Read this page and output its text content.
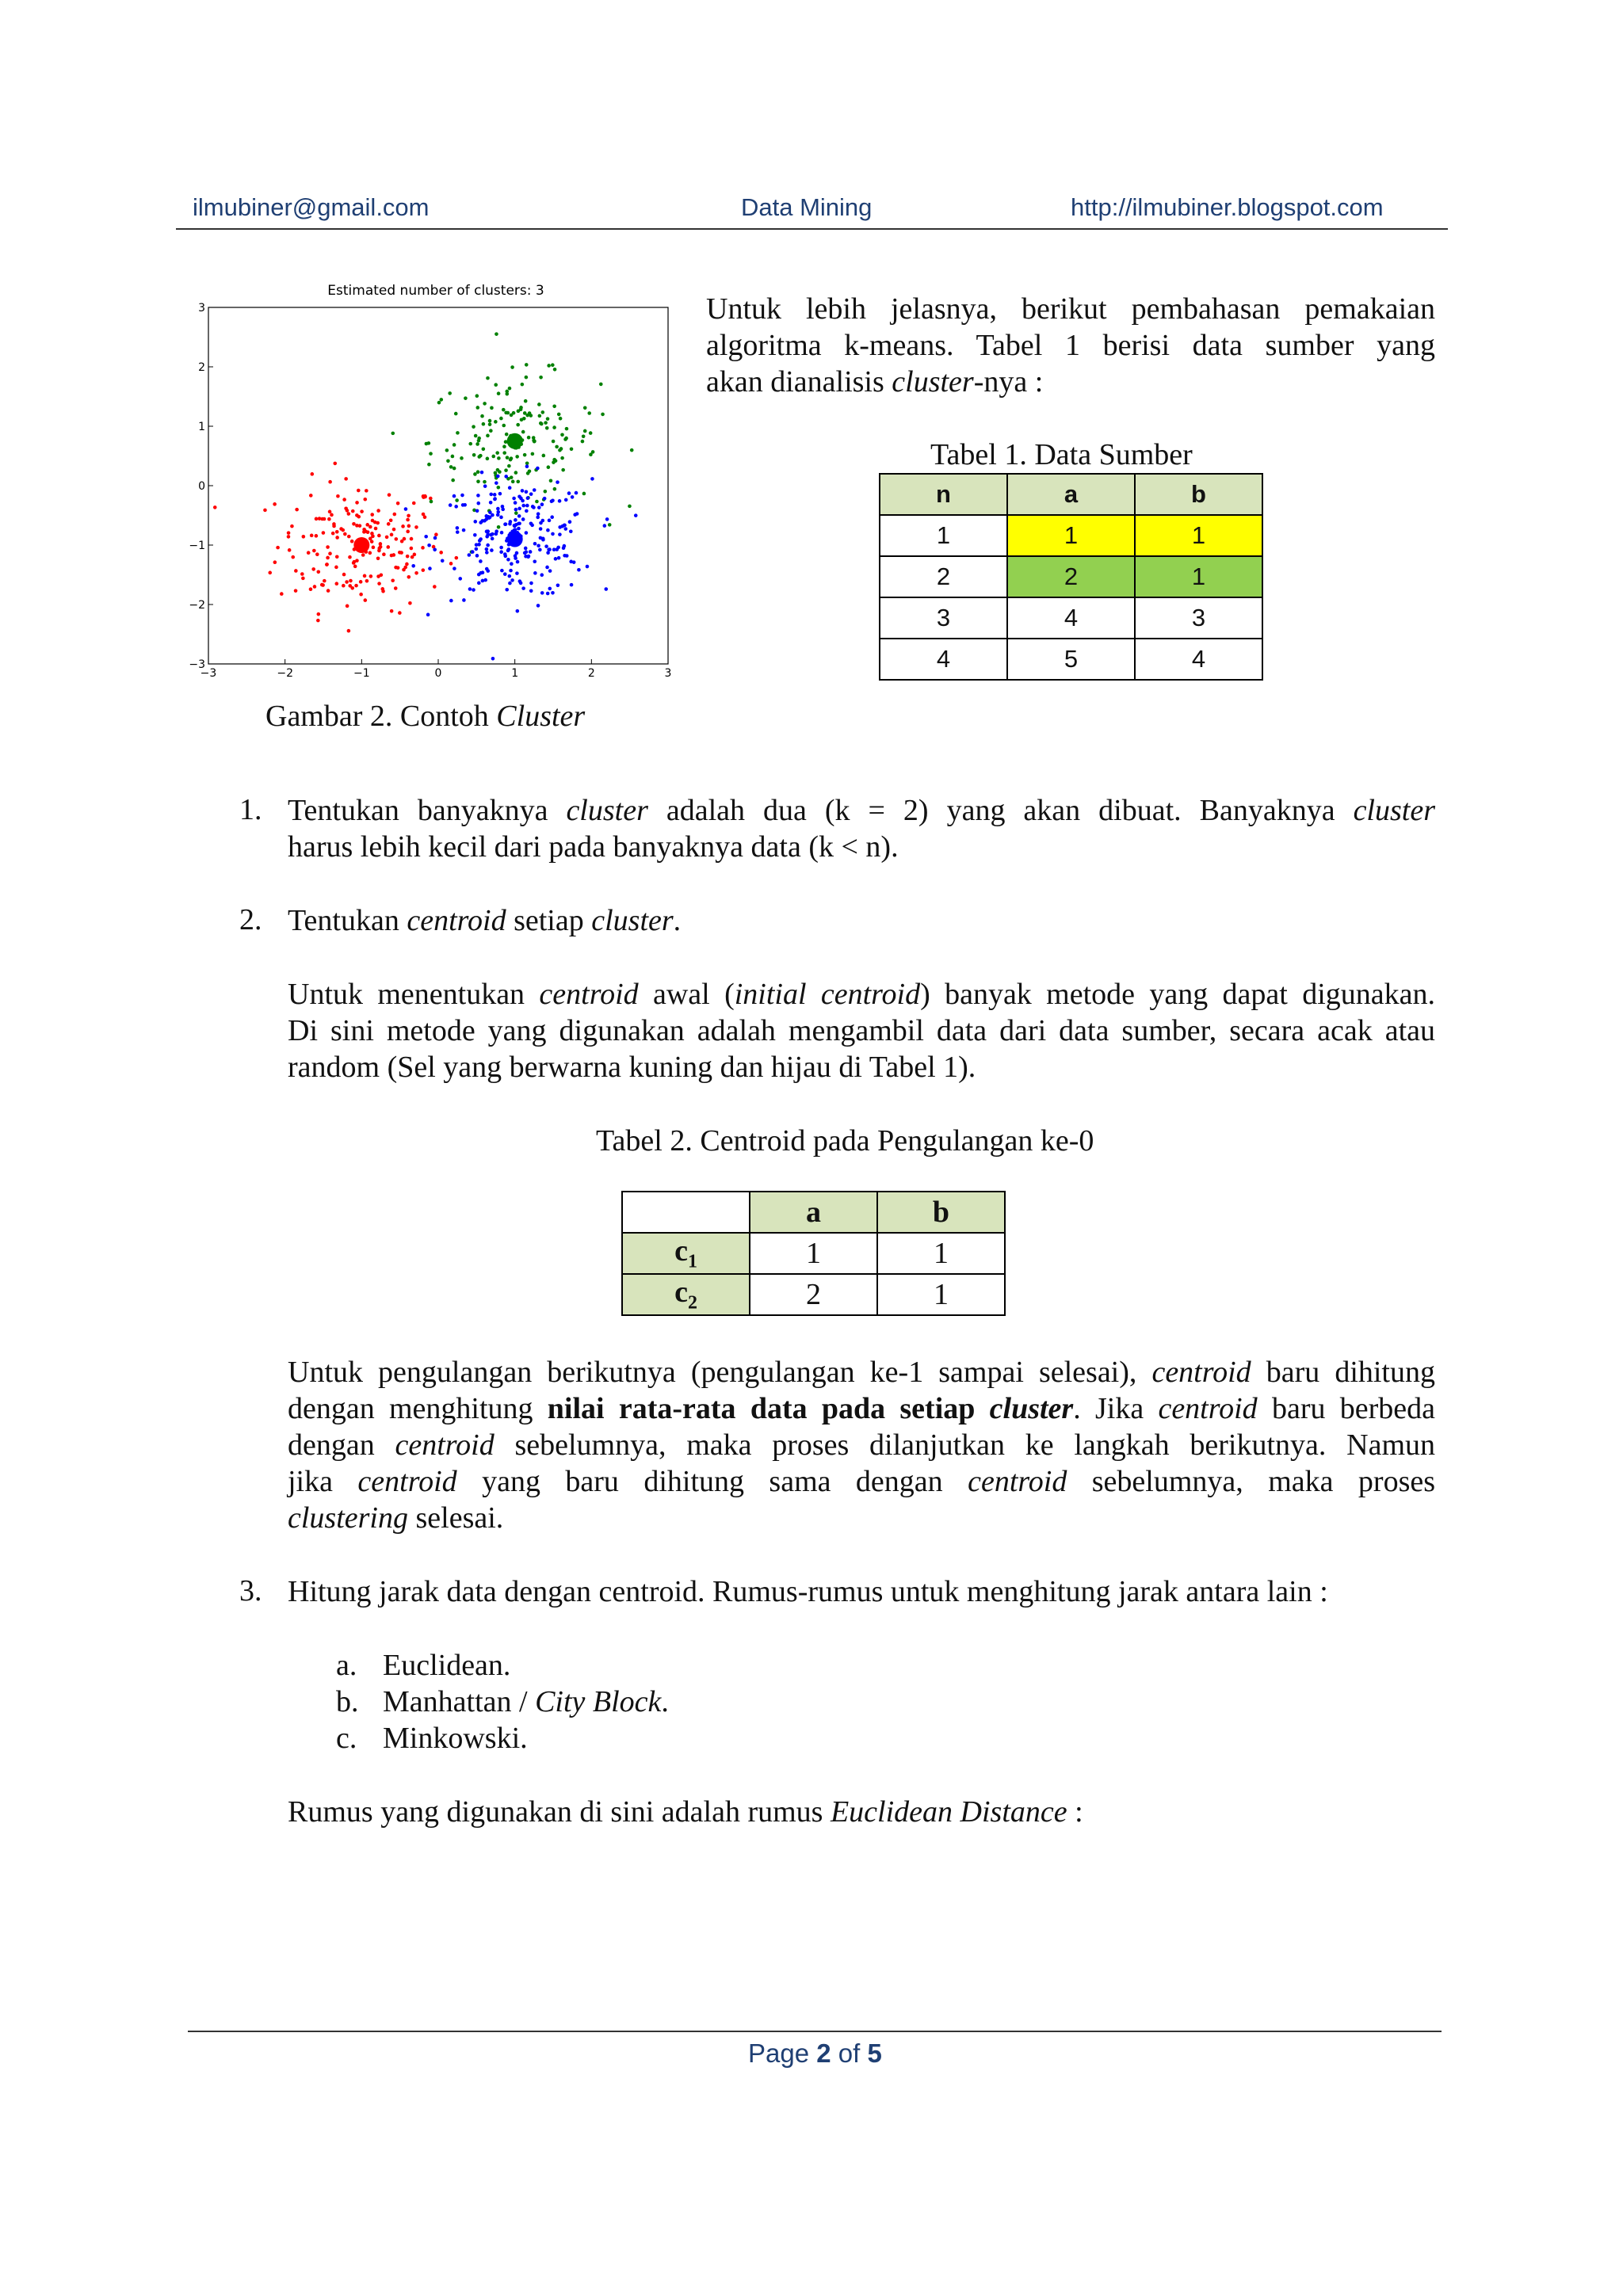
ilmubiner@gmail.com	Data Mining	http://ilmubiner.blogspot.com
Estimated number of clusters: 3
−3	−2	−1	0	1	2	3
3
2
1
0
−1
−2
−3
Gambar 2. Contoh Cluster
Untuk lebih jelasnya, berikut pembahasan pemakaian
algoritma k-means. Tabel 1 berisi data sumber yang
akan dianalisis cluster-nya :
Tabel 1. Data Sumber
n	a	b
1	1	1
2	2	1
3	4	3
4	5	4
1. Tentukan banyaknya cluster adalah dua (k = 2) yang akan dibuat. Banyaknya cluster
harus lebih kecil dari pada banyaknya data (k < n).
2. Tentukan centroid setiap cluster.
Untuk menentukan centroid awal (initial centroid) banyak metode yang dapat digunakan.
Di sini metode yang digunakan adalah mengambil data dari data sumber, secara acak atau
random (Sel yang berwarna kuning dan hijau di Tabel 1).
Tabel 2. Centroid pada Pengulangan ke-0
	a	b
$c_1$	1	1
$c_2$	2	1
Untuk pengulangan berikutnya (pengulangan ke-1 sampai selesai), centroid baru dihitung
dengan menghitung nilai rata-rata data pada setiap cluster. Jika centroid baru berbeda
dengan centroid sebelumnya, maka proses dilanjutkan ke langkah berikutnya. Namun
jika centroid yang baru dihitung sama dengan centroid sebelumnya, maka proses
clustering selesai.
3. Hitung jarak data dengan centroid. Rumus-rumus untuk menghitung jarak antara lain :
a. Euclidean.
b. Manhattan / City Block.
c. Minkowski.
Rumus yang digunakan di sini adalah rumus Euclidean Distance :
Page 2 of 5
